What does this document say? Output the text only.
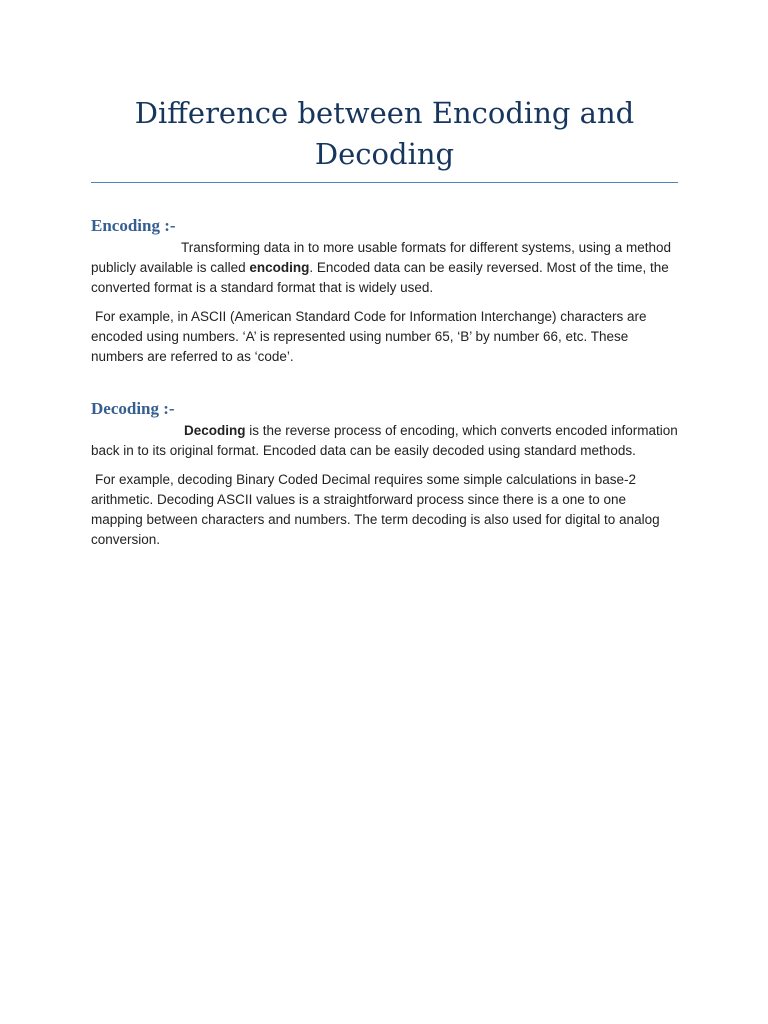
Difference between Encoding and Decoding
Encoding :-

Transforming data in to more usable formats for different systems, using a method publicly available is called encoding. Encoded data can be easily reversed. Most of the time, the converted format is a standard format that is widely used.

For example, in ASCII (American Standard Code for Information Interchange) characters are encoded using numbers. ‘A’ is represented using number 65, ‘B’ by number 66, etc. These numbers are referred to as ‘code’.

Decoding :-

Decoding is the reverse process of encoding, which converts encoded information back in to its original format. Encoded data can be easily decoded using standard methods.

For example, decoding Binary Coded Decimal requires some simple calculations in base-2 arithmetic. Decoding ASCII values is a straightforward process since there is a one to one mapping between characters and numbers. The term decoding is also used for digital to analog conversion.
